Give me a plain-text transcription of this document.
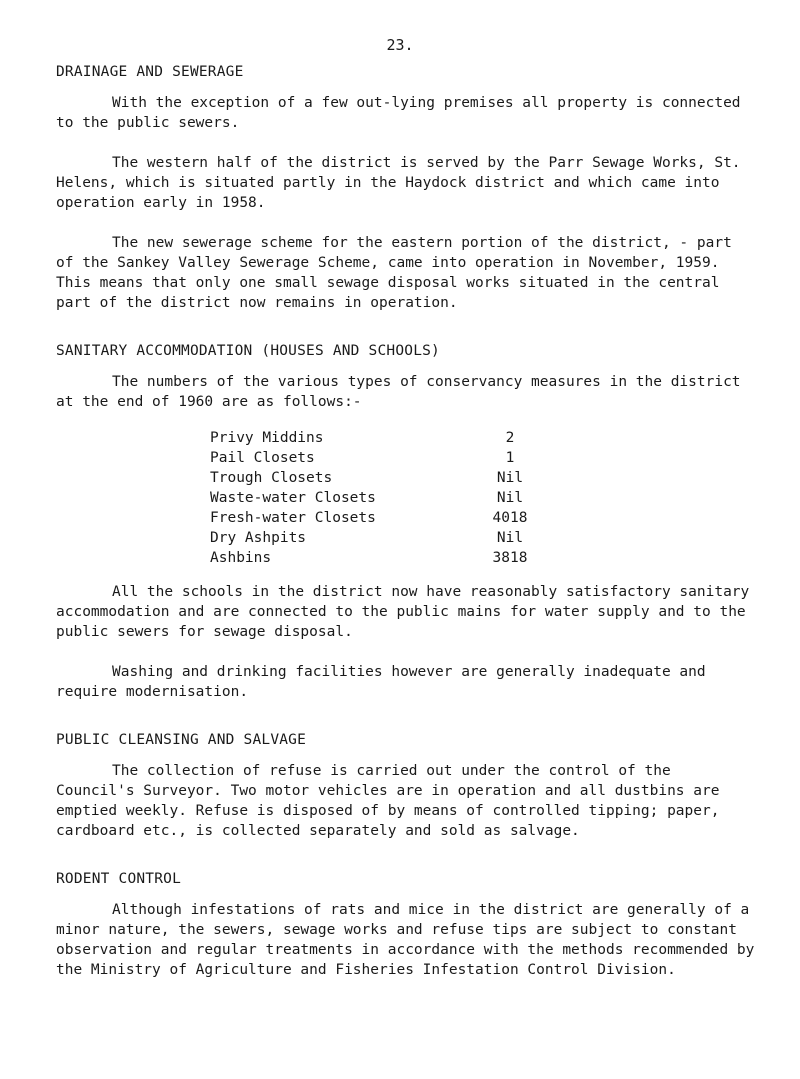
23.
DRAINAGE AND SEWERAGE

With the exception of a few out-lying premises all property is connected to the public sewers.

The western half of the district is served by the Parr Sewage Works, St. Helens, which is situated partly in the Haydock district and which came into operation early in 1958.

The new sewerage scheme for the eastern portion of the district, - part of the Sankey Valley Sewerage Scheme, came into operation in November, 1959. This means that only one small sewage disposal works situated in the central part of the district now remains in operation.

SANITARY ACCOMMODATION (HOUSES AND SCHOOLS)

The numbers of the various types of conservancy measures in the district at the end of 1960 are as follows:-

Privy Middins	2
Pail Closets	1
Trough Closets	Nil
Waste-water Closets	Nil
Fresh-water Closets	4018
Dry Ashpits	Nil
Ashbins	3818

All the schools in the district now have reasonably satisfactory sanitary accommodation and are connected to the public mains for water supply and to the public sewers for sewage disposal.

Washing and drinking facilities however are generally inadequate and require modernisation.

PUBLIC CLEANSING AND SALVAGE

The collection of refuse is carried out under the control of the Council's Surveyor. Two motor vehicles are in operation and all dustbins are emptied weekly. Refuse is disposed of by means of controlled tipping; paper, cardboard etc., is collected separately and sold as salvage.

RODENT CONTROL

Although infestations of rats and mice in the district are generally of a minor nature, the sewers, sewage works and refuse tips are subject to constant observation and regular treatments in accordance with the methods recommended by the Ministry of Agriculture and Fisheries Infestation Control Division.
